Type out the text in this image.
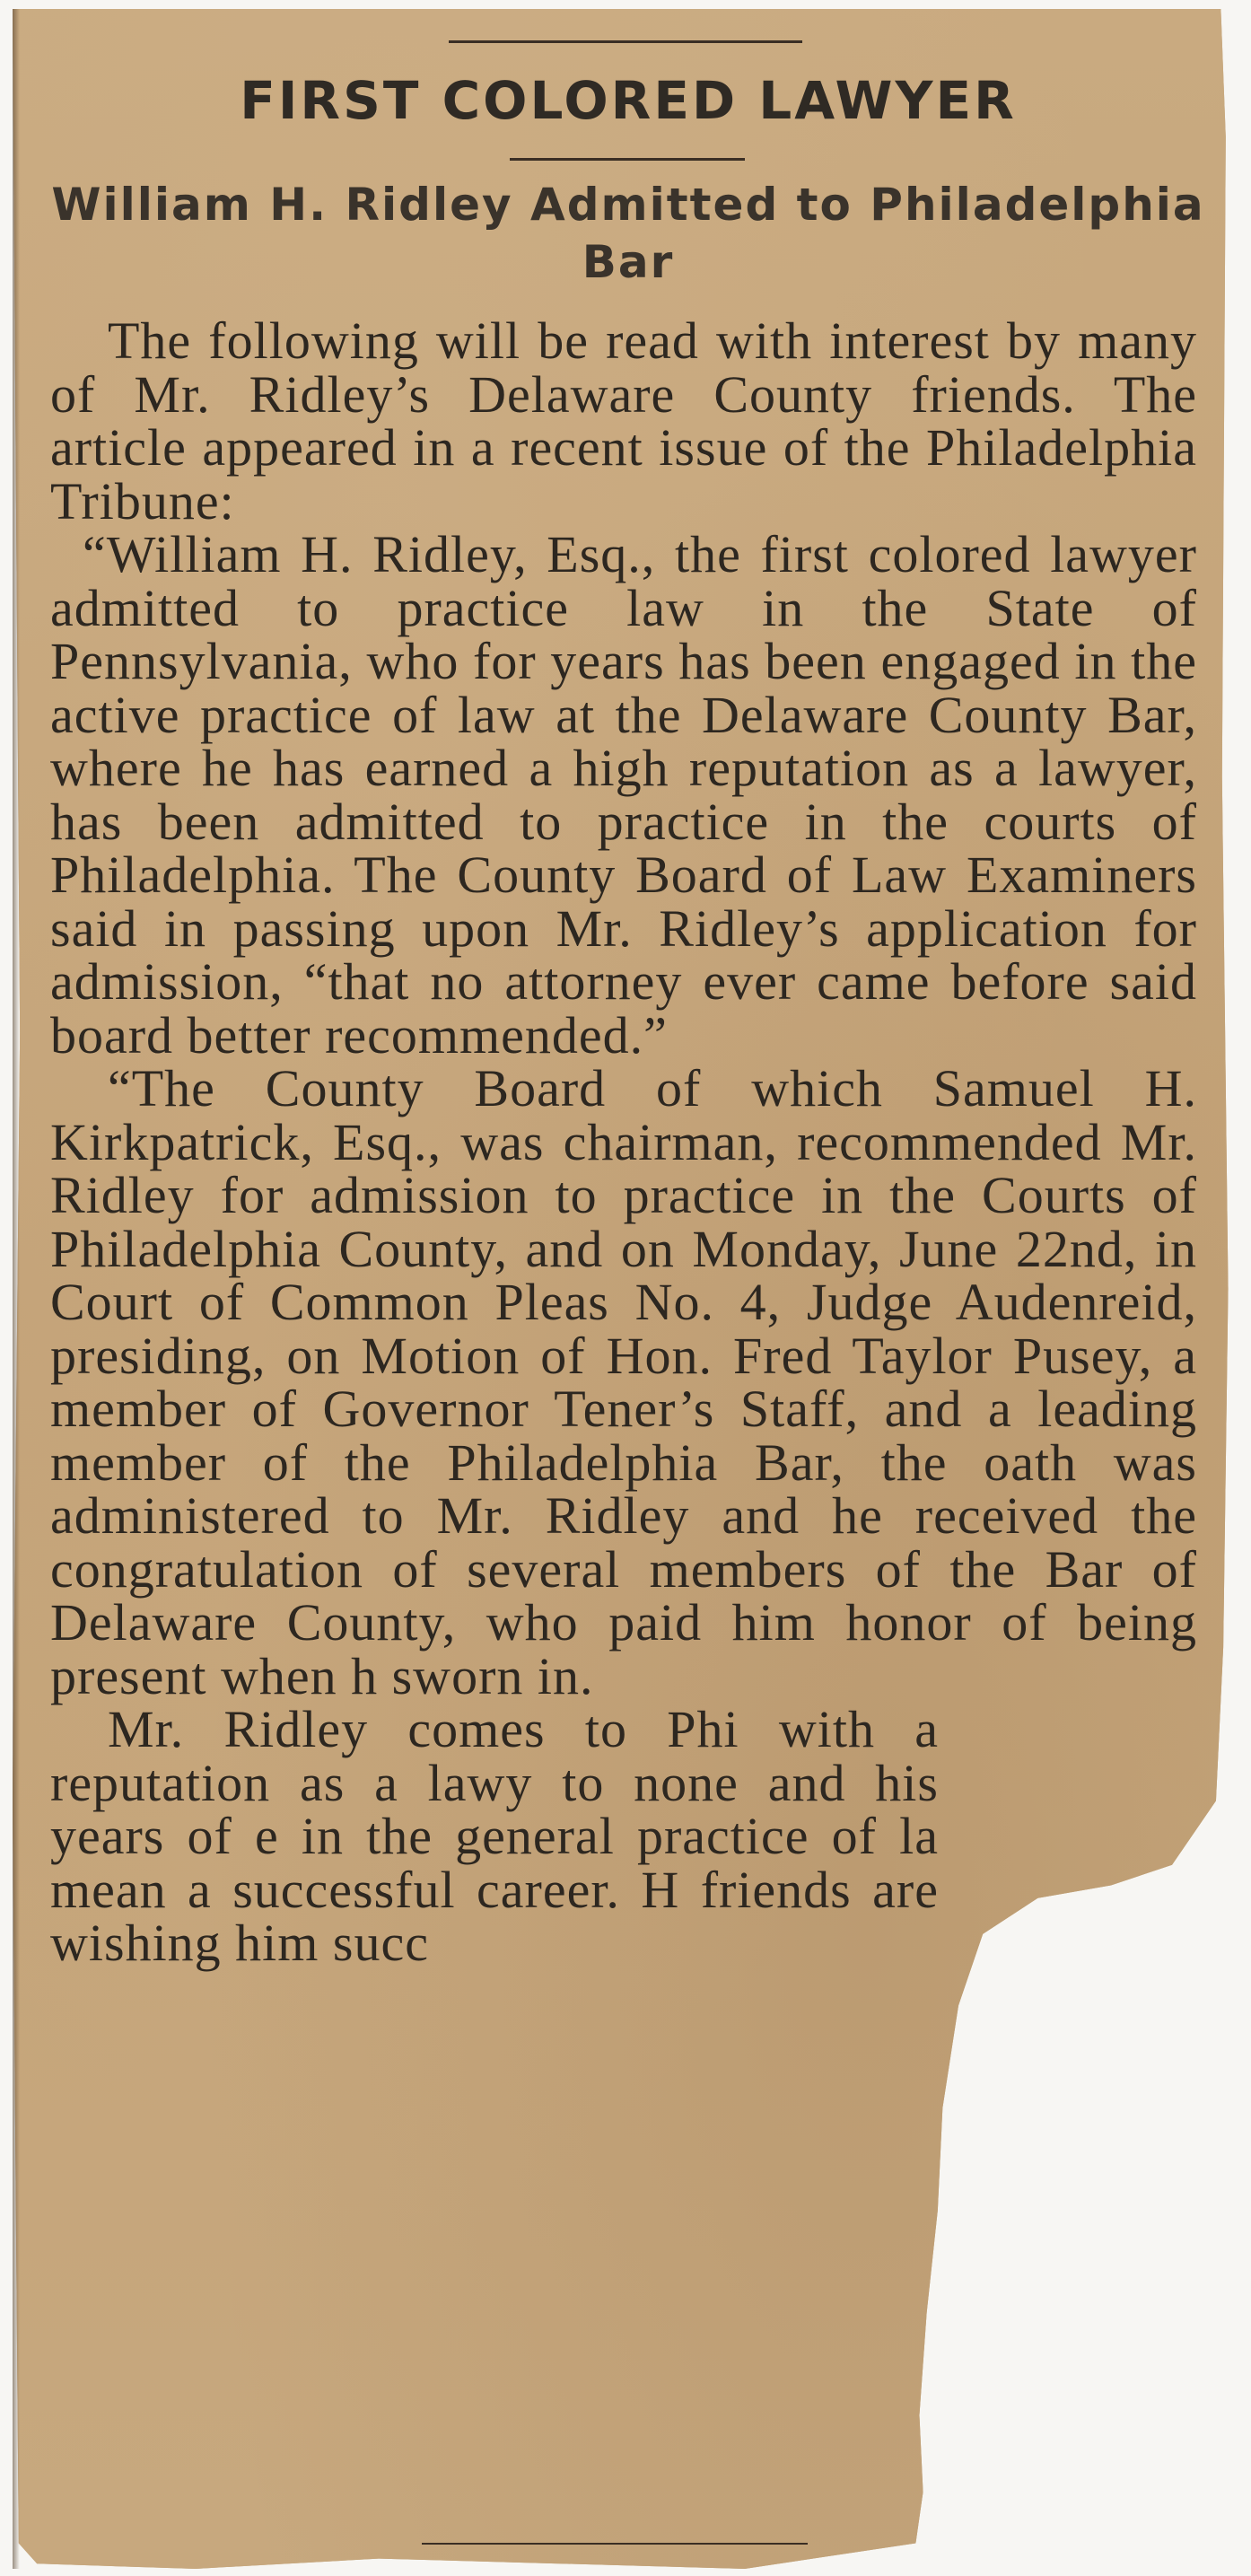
FIRST COLORED LAWYER
William H. Ridley Admitted to Philadelphia Bar

The following will be read with interest by many of Mr. Ridley’s Delaware County friends. The article appeared in a recent issue of the Philadelphia Tribune:

“William H. Ridley, Esq., the first colored lawyer admitted to practice law in the State of Pennsylvania, who for years has been engaged in the active practice of law at the Delaware County Bar, where he has earned a high reputation as a lawyer, has been admitted to practice in the courts of Philadelphia. The County Board of Law Examiners said in passing upon Mr. Ridley’s application for admission, “that no attorney ever came before said board better recommended.”

“The County Board of which Samuel H. Kirkpatrick, Esq., was chairman, recommended Mr. Ridley for admission to practice in the Courts of Philadelphia County, and on Monday, June 22nd, in Court of Common Pleas No. 4, Judge Audenreid, presiding, on Motion of Hon. Fred Taylor Pusey, a member of Governor Tener’s Staff, and a leading member of the Philadelphia Bar, the oath was administered to Mr. Ridley and he received the congratulation of several members of the Bar of Delaware County, who paid him honor of being present when h sworn in.

Mr. Ridley comes to Phi with a reputation as a lawy to none and his years of e in the general practice of la mean a successful career. H friends are wishing him succ
